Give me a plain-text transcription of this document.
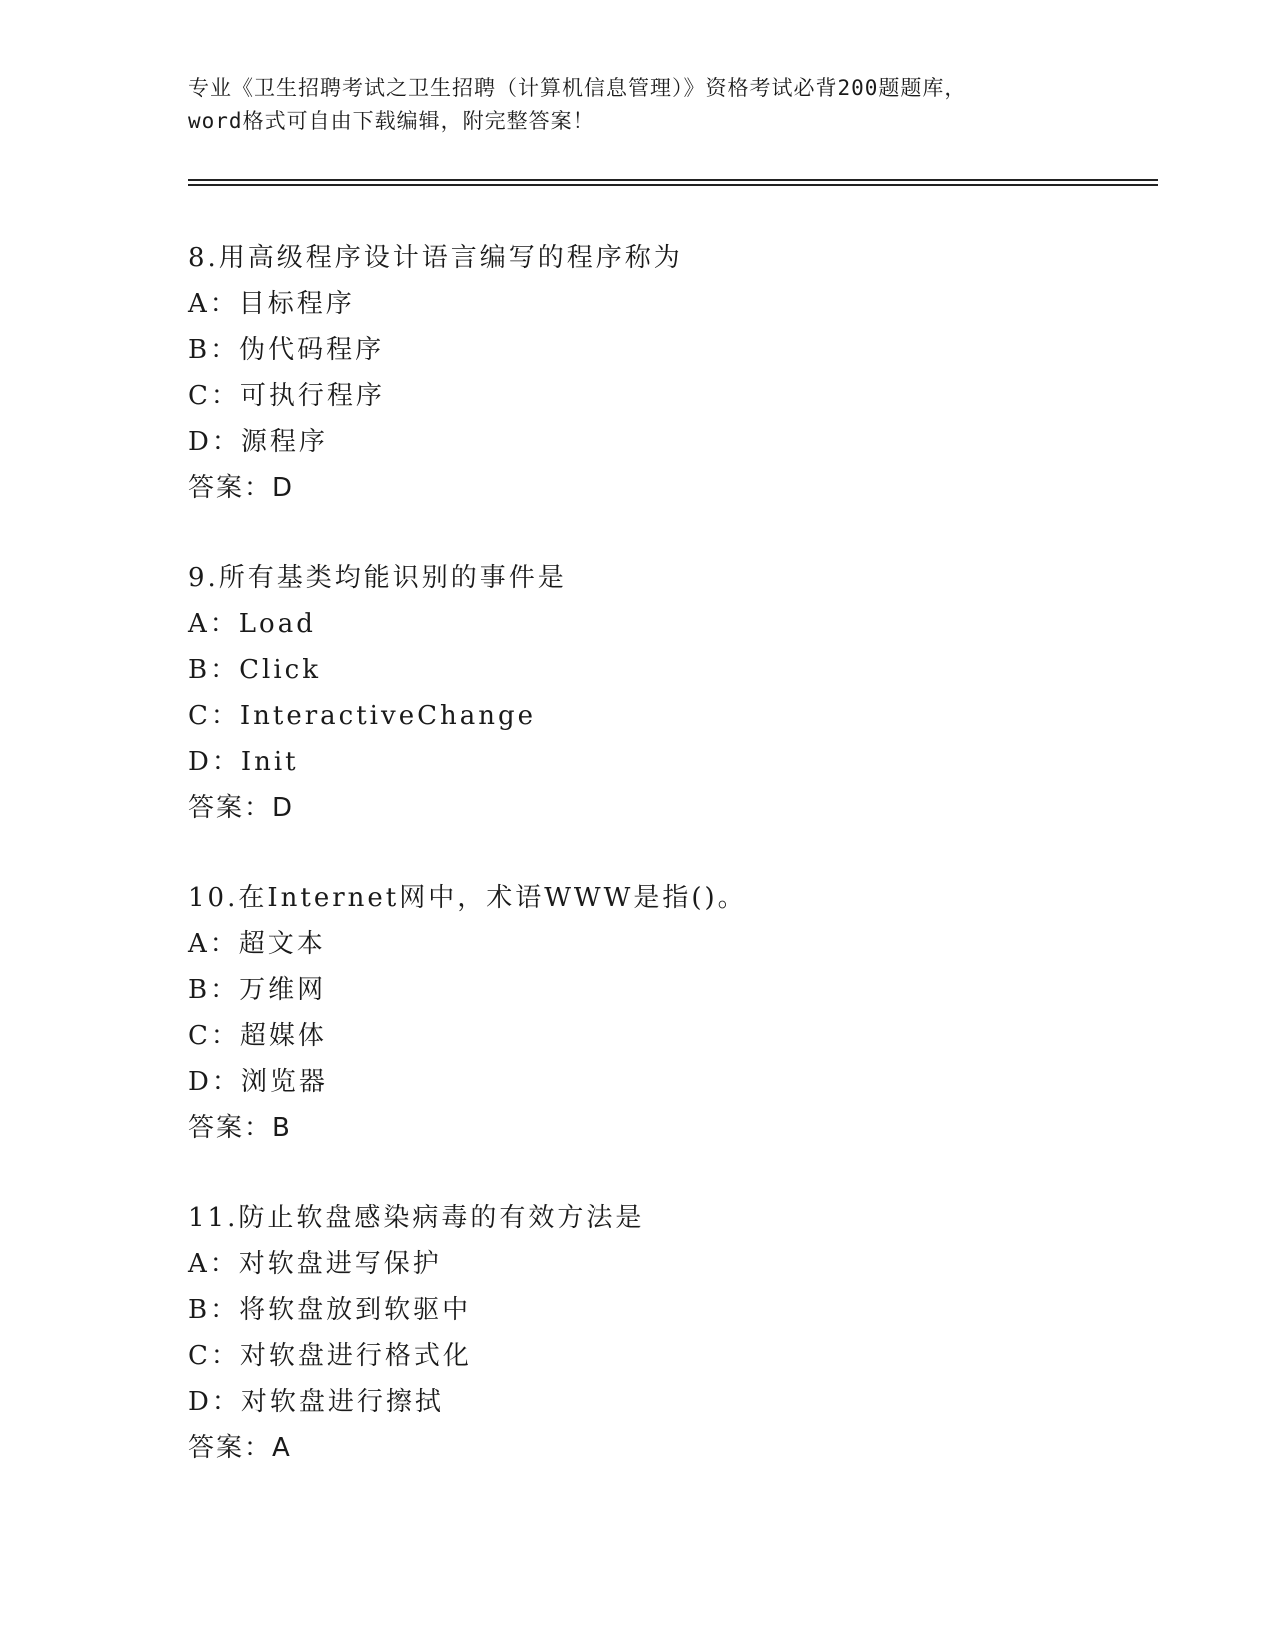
专业《卫生招聘考试之卫生招聘（计算机信息管理）》资格考试必背200题题库，

word格式可自由下载编辑，附完整答案！

8.用高级程序设计语言编写的程序称为
A：目标程序
B：伪代码程序
C：可执行程序
D：源程序
答案：D
9.所有基类均能识别的事件是
A：Load
B：Click
C：InteractiveChange
D：Init
答案：D
10.在Internet网中，术语WWW是指()。
A：超文本
B：万维网
C：超媒体
D：浏览器
答案：B
11.防止软盘感染病毒的有效方法是
A：对软盘进写保护
B：将软盘放到软驱中
C：对软盘进行格式化
D：对软盘进行擦拭
答案：A
